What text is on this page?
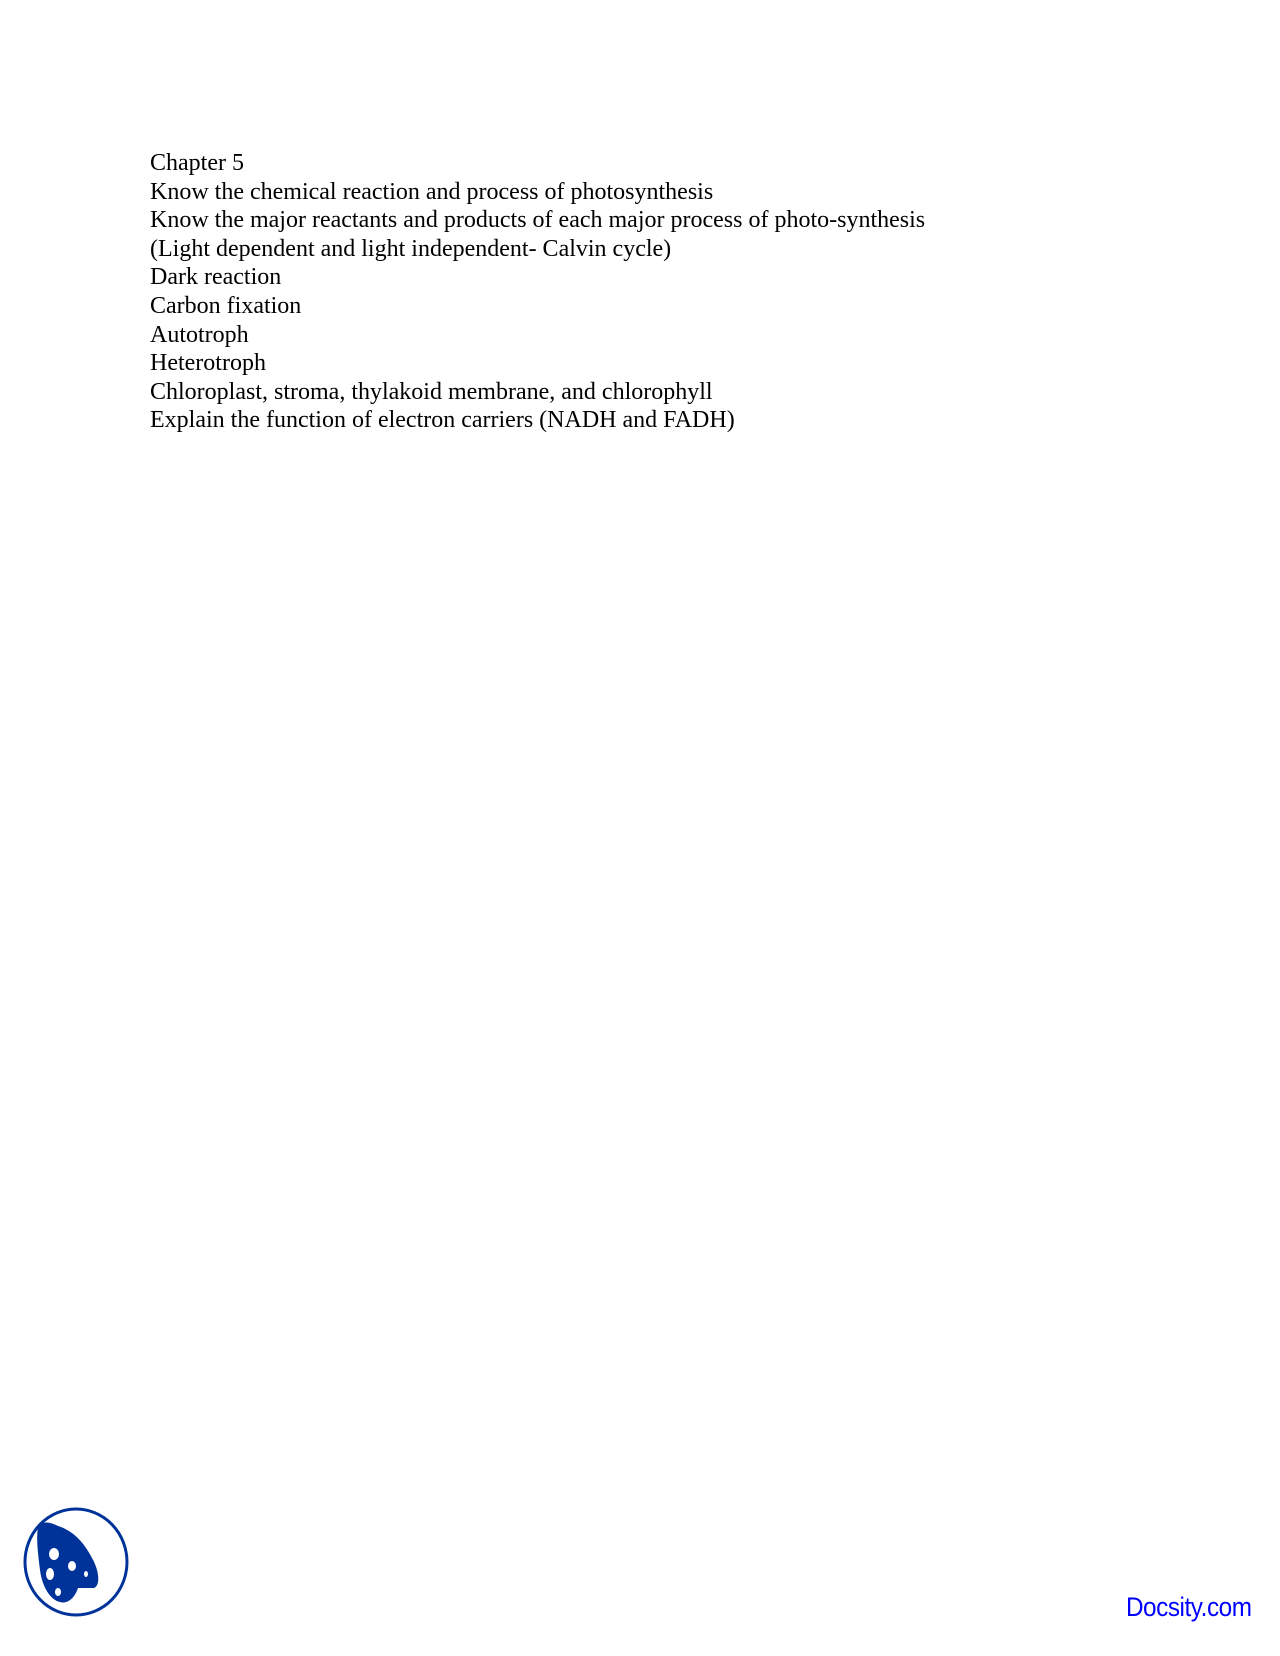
Chapter 5
Know the chemical reaction and process of photosynthesis
Know the major reactants and products of each major process of photo-synthesis
(Light dependent and light independent- Calvin cycle)
Dark reaction
Carbon fixation
Autotroph
Heterotroph
Chloroplast, stroma, thylakoid membrane, and chlorophyll
Explain the function of electron carriers (NADH and FADH)
Docsity.com
